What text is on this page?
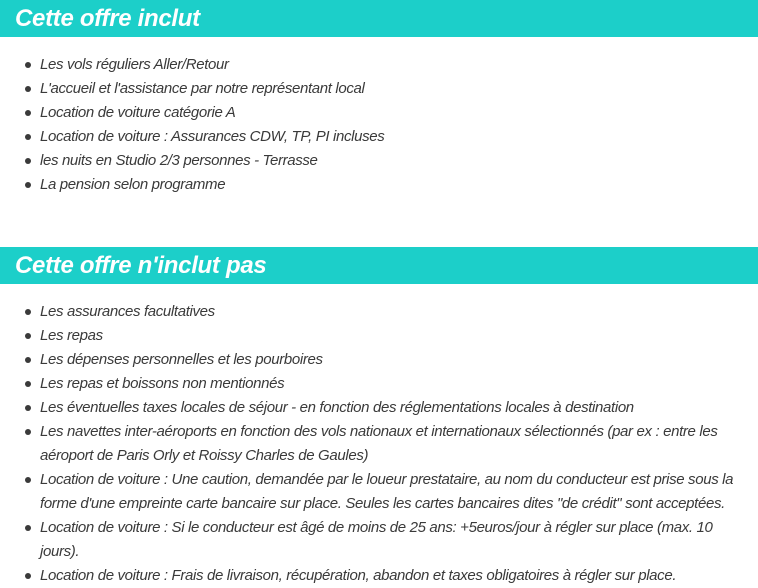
Cette offre inclut
Les vols réguliers Aller/Retour
L'accueil et l'assistance par notre représentant local
Location de voiture catégorie A
Location de voiture : Assurances CDW, TP, PI incluses
les nuits en Studio 2/3 personnes - Terrasse
La pension selon programme
Cette offre n'inclut pas
Les assurances facultatives
Les repas
Les dépenses personnelles et les pourboires
Les repas et boissons non mentionnés
Les éventuelles taxes locales de séjour - en fonction des réglementations locales à destination
Les navettes inter-aéroports en fonction des vols nationaux et internationaux sélectionnés (par ex : entre les aéroport de Paris Orly et Roissy Charles de Gaules)
Location de voiture : Une caution, demandée par le loueur prestataire, au nom du conducteur est prise sous la forme d'une empreinte carte bancaire sur place. Seules les cartes bancaires dites "de crédit" sont acceptées.
Location de voiture : Si le conducteur est âgé de moins de 25 ans: +5euros/jour à régler sur place (max. 10 jours).
Location de voiture : Frais de livraison, récupération, abandon et taxes obligatoires à régler sur place.
